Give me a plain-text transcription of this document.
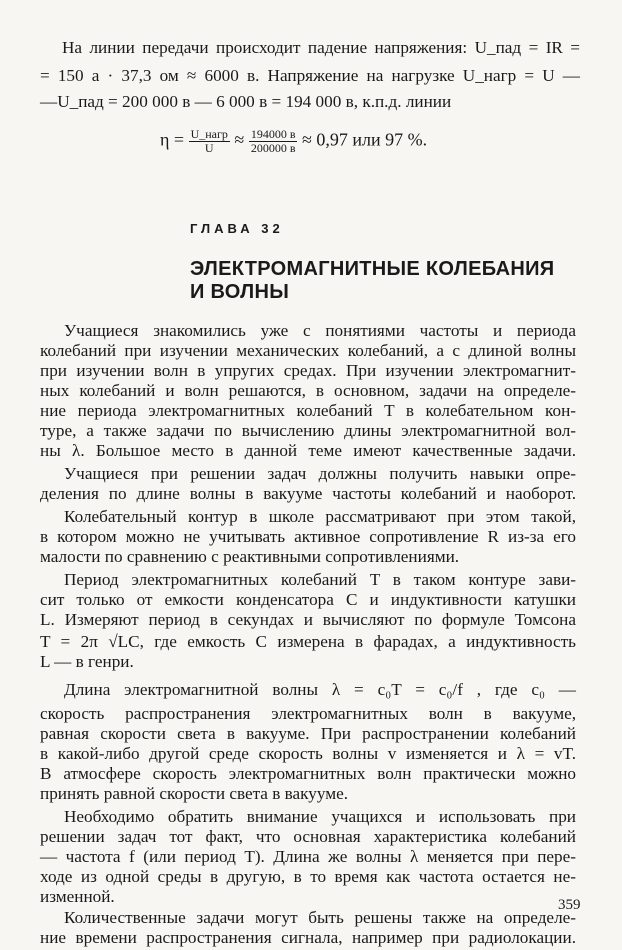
На линии передачи происходит падение напряжения: U_пад = IR =
= 150 а · 37,3 ом ≈ 6000 в. Напряжение на нагрузке U_нагр = U —
—U_пад = 200 000 в — 6 000 в = 194 000 в, к.п.д. линии
$\eta = \frac{\text{U\_нагр}}{U} \approx \frac{194000 в}{200000 в} \approx 0,97$ или 97 %.
ГЛАВА 32
ЭЛЕКТРОМАГНИТНЫЕ КОЛЕБАНИЯ
И ВОЛНЫ
Учащиеся знакомились уже с понятиями частоты и периода
колебаний при изучении механических колебаний, а с длиной волны
при изучении волн в упругих средах. При изучении электромагнит-
ных колебаний и волн решаются, в основном, задачи на определе-
ние периода электромагнитных колебаний T в колебательном кон-
туре, а также задачи по вычислению длины электромагнитной вол-
ны λ. Большое место в данной теме имеют качественные задачи.
Учащиеся при решении задач должны получить навыки опре-
деления по длине волны в вакууме частоты колебаний и наоборот.
Колебательный контур в школе рассматривают при этом такой,
в котором можно не учитывать активное сопротивление R из-за его
малости по сравнению с реактивными сопротивлениями.
Период электромагнитных колебаний T в таком контуре зави-
сит только от емкости конденсатора C и индуктивности катушки
L. Измеряют период в секундах и вычисляют по формуле Томсона
T = 2π √LC, где емкость C измерена в фарадах, а индуктивность
L — в генри.
Длина электромагнитной волны λ = c₀T = c₀/f , где c₀ —
скорость распространения электромагнитных волн в вакууме,
равная скорости света в вакууме. При распространении колебаний
в какой-либо другой среде скорость волны v изменяется и λ = vT.
В атмосфере скорость электромагнитных волн практически можно
принять равной скорости света в вакууме.
Необходимо обратить внимание учащихся и использовать при
решении задач тот факт, что основная характеристика колебаний
— частота f (или период T). Длина же волны λ меняется при пере-
ходе из одной среды в другую, в то время как частота остается не-
изменной.
Количественные задачи могут быть решены также на определе-
ние времени распространения сигнала, например при радиолокации.
359
